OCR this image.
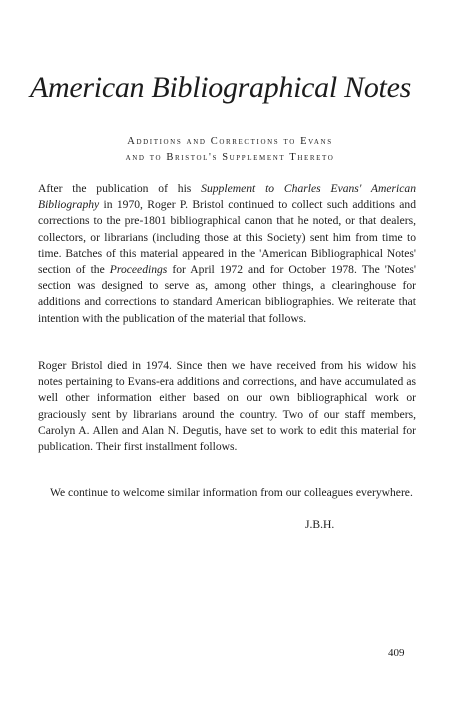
American Bibliographical Notes
Additions and Corrections to Evans
and to Bristol's Supplement Thereto
After the publication of his Supplement to Charles Evans' American Bibliography in 1970, Roger P. Bristol continued to collect such additions and corrections to the pre-1801 bibliographical canon that he noted, or that dealers, collectors, or librarians (including those at this Society) sent him from time to time. Batches of this material appeared in the 'American Bibliographical Notes' section of the Proceedings for April 1972 and for October 1978. The 'Notes' section was designed to serve as, among other things, a clearinghouse for additions and corrections to standard American bibliographies. We reiterate that intention with the publication of the material that follows.
Roger Bristol died in 1974. Since then we have received from his widow his notes pertaining to Evans-era additions and corrections, and have accumulated as well other information either based on our own bibliographical work or graciously sent by librarians around the country. Two of our staff members, Carolyn A. Allen and Alan N. Degutis, have set to work to edit this material for publication. Their first installment follows.
We continue to welcome similar information from our colleagues everywhere.
J.B.H.
409
